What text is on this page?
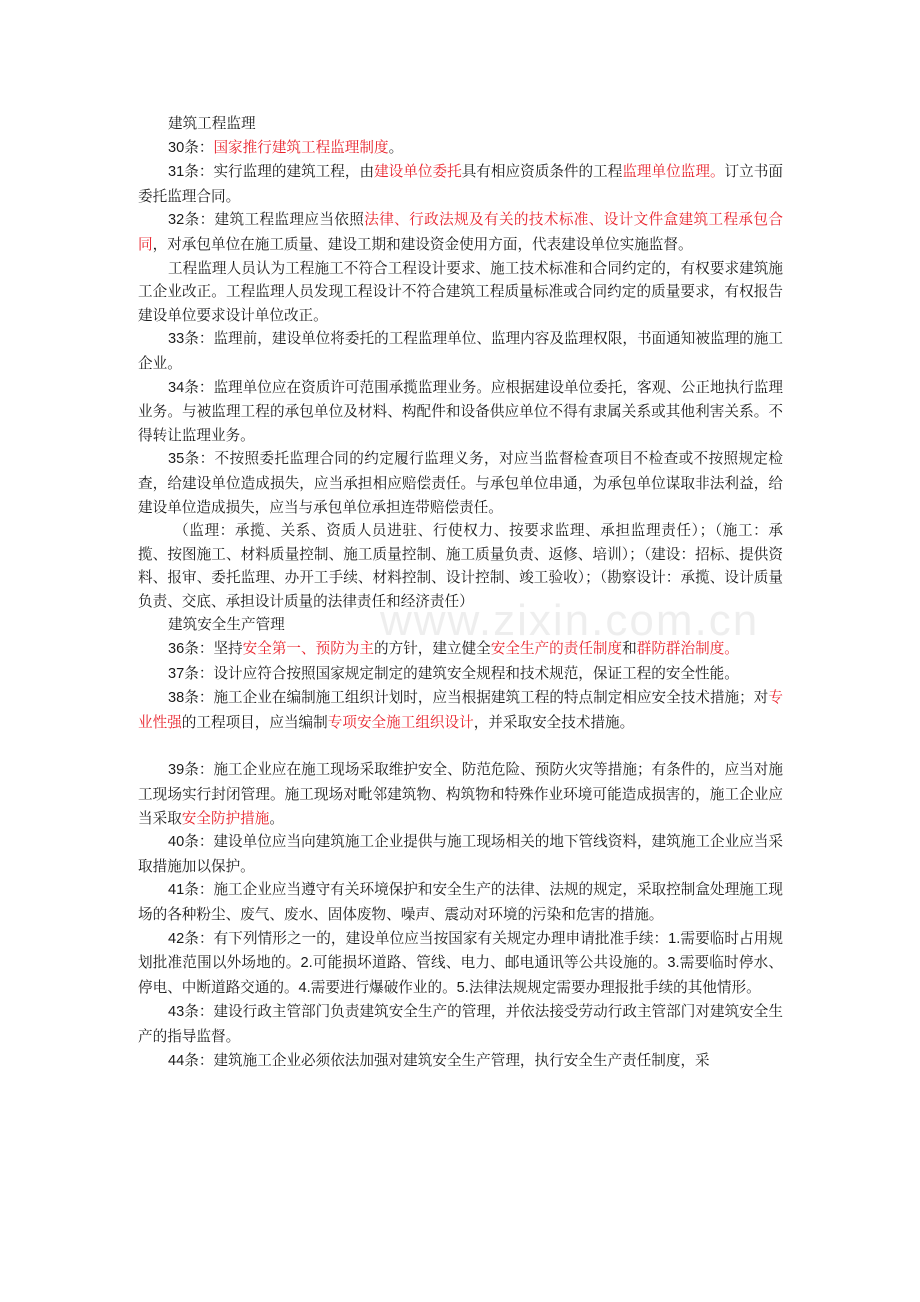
www.zixin.com.cn

建筑工程监理

30条：国家推行建筑工程监理制度。

31条：实行监理的建筑工程，由建设单位委托具有相应资质条件的工程监理单位监理。订立书面委托监理合同。

32条：建筑工程监理应当依照法律、行政法规及有关的技术标准、设计文件盒建筑工程承包合同，对承包单位在施工质量、建设工期和建设资金使用方面，代表建设单位实施监督。

工程监理人员认为工程施工不符合工程设计要求、施工技术标准和合同约定的，有权要求建筑施工企业改正。工程监理人员发现工程设计不符合建筑工程质量标准或合同约定的质量要求，有权报告建设单位要求设计单位改正。

33条：监理前，建设单位将委托的工程监理单位、监理内容及监理权限，书面通知被监理的施工企业。

34条：监理单位应在资质许可范围承揽监理业务。应根据建设单位委托，客观、公正地执行监理业务。与被监理工程的承包单位及材料、构配件和设备供应单位不得有隶属关系或其他利害关系。不得转让监理业务。

35条：不按照委托监理合同的约定履行监理义务，对应当监督检查项目不检查或不按照规定检查，给建设单位造成损失，应当承担相应赔偿责任。与承包单位串通，为承包单位谋取非法利益，给建设单位造成损失，应当与承包单位承担连带赔偿责任。

（监理：承揽、关系、资质人员进驻、行使权力、按要求监理、承担监理责任）；（施工：承揽、按图施工、材料质量控制、施工质量控制、施工质量负责、返修、培训）；（建设：招标、提供资料、报审、委托监理、办开工手续、材料控制、设计控制、竣工验收）；（勘察设计：承揽、设计质量负责、交底、承担设计质量的法律责任和经济责任）

建筑安全生产管理

36条：坚持安全第一、预防为主的方针，建立健全安全生产的责任制度和群防群治制度。

37条：设计应符合按照国家规定制定的建筑安全规程和技术规范，保证工程的安全性能。

38条：施工企业在编制施工组织计划时，应当根据建筑工程的特点制定相应安全技术措施；对专业性强的工程项目，应当编制专项安全施工组织设计，并采取安全技术措施。

39条：施工企业应在施工现场采取维护安全、防范危险、预防火灾等措施；有条件的，应当对施工现场实行封闭管理。施工现场对毗邻建筑物、构筑物和特殊作业环境可能造成损害的，施工企业应当采取安全防护措施。

40条：建设单位应当向建筑施工企业提供与施工现场相关的地下管线资料，建筑施工企业应当采取措施加以保护。

41条：施工企业应当遵守有关环境保护和安全生产的法律、法规的规定，采取控制盒处理施工现场的各种粉尘、废气、废水、固体废物、噪声、震动对环境的污染和危害的措施。

42条：有下列情形之一的，建设单位应当按国家有关规定办理申请批准手续：1.需要临时占用规划批准范围以外场地的。2.可能损坏道路、管线、电力、邮电通讯等公共设施的。3.需要临时停水、停电、中断道路交通的。4.需要进行爆破作业的。5.法律法规规定需要办理报批手续的其他情形。

43条：建设行政主管部门负责建筑安全生产的管理，并依法接受劳动行政主管部门对建筑安全生产的指导监督。

44条：建筑施工企业必须依法加强对建筑安全生产管理，执行安全生产责任制度，采
